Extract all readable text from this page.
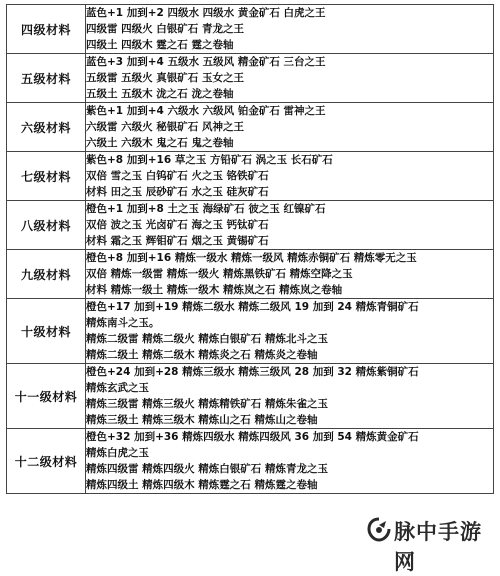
四级材料	蓝色+1 加到+2 四级水 四级水 黄金矿石 白虎之王
四级雷 四级火 白银矿石 青龙之王
四级土 四级木 霆之石 霆之卷轴

五级材料	蓝色+3 加到+4 五级水 五级风 精金矿石 三台之王
五级雷 五级火 真银矿石 玉女之王
五级土 五级木 泷之石 泷之卷轴

六级材料	紫色+1 加到+4 六级水 六级风 铂金矿石 雷神之王
六级雷 六级火 秘银矿石 风神之王
六级土 六级木 鬼之石 鬼之卷轴

七级材料	紫色+8 加到+16 草之玉 方铅矿石 涡之玉 长石矿石
双倍 雪之玉 白钨矿石 火之玉 铬铁矿石
材料 田之玉 辰砂矿石 水之玉 硅灰矿石

八级材料	橙色+1 加到+8 土之玉 海绿矿石 彼之玉 红镍矿石
双倍 波之玉 光卤矿石 海之玉 钙钛矿石
材料 霜之玉 辉钼矿石 烟之玉 黄锡矿石

九级材料	橙色+8 加到+16 精炼一级水 精炼一级风 精炼赤铜矿石 精炼零无之玉
双倍 精炼一级雷 精炼一级火 精炼黑铁矿石 精炼空降之玉
材料 精炼一级土 精炼一级木 精炼岚之石 精炼岚之卷轴

十级材料	橙色+17 加到+19 精炼二级水 精炼二级风 19 加到 24 精炼青铜矿石
精炼南斗之玉。
精炼二级雷 精炼二级火 精炼白银矿石 精炼北斗之玉
精炼二级土 精炼二级木 精炼炎之石 精炼炎之卷轴

十一级材料	橙色+24 加到+28 精炼三级水 精炼三级风 28 加到 32 精炼紫铜矿石
精炼玄武之玉
精炼三级雷 精炼三级火 精炼精铁矿石 精炼朱雀之玉
精炼三级土 精炼三级木 精炼山之石 精炼山之卷轴

十二级材料	橙色+32 加到+36 精炼四级水 精炼四级风 36 加到 54 精炼黄金矿石
精炼白虎之玉
精炼四级雷 精炼四级火 精炼白银矿石 精炼青龙之玉
精炼四级土 精炼四级木 精炼霆之石 精炼霆之卷轴
脉中手游网
